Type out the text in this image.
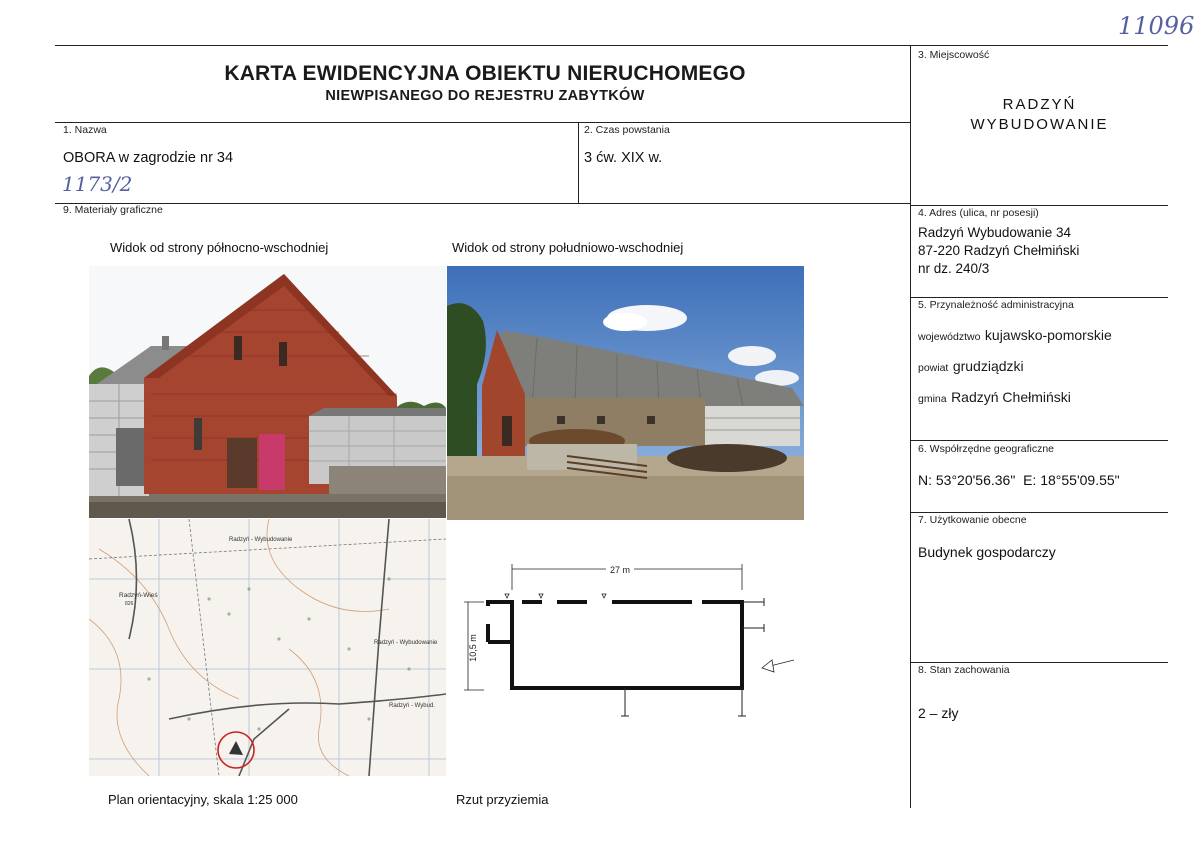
11096
KARTA EWIDENCYJNA OBIEKTU NIERUCHOMEGO
NIEWPISANEGO DO REJESTRU ZABYTKÓW
1. Nazwa
OBORA w zagrodzie nr 34
1173/2
2. Czas powstania
3 ćw. XIX w.
3. Miejscowość
RADZYŃ
WYBUDOWANIE
4. Adres (ulica, nr posesji)
Radzyń Wybudowanie 34
87-220 Radzyń Chełmiński
nr dz. 240/3
5. Przynależność administracyjna
województwo kujawsko-pomorskie
powiat grudziądzki
gmina Radzyń Chełmiński
6. Współrzędne geograficzne
N: 53°20'56.36"  E: 18°55'09.55"
7. Użytkowanie obecne
Budynek gospodarczy
8. Stan zachowania
2 – zły
9. Materiały graficzne
Widok od strony północno-wschodniej	Widok od strony południowo-wschodniej
Plan orientacyjny, skala 1:25 000	Rzut przyziemia
Radzyń - Wybudowanie
Radzyń-Wieś
826
Radzyń - Wybudowanie
Radzyń - Wybud.
27 m
10,5 m
